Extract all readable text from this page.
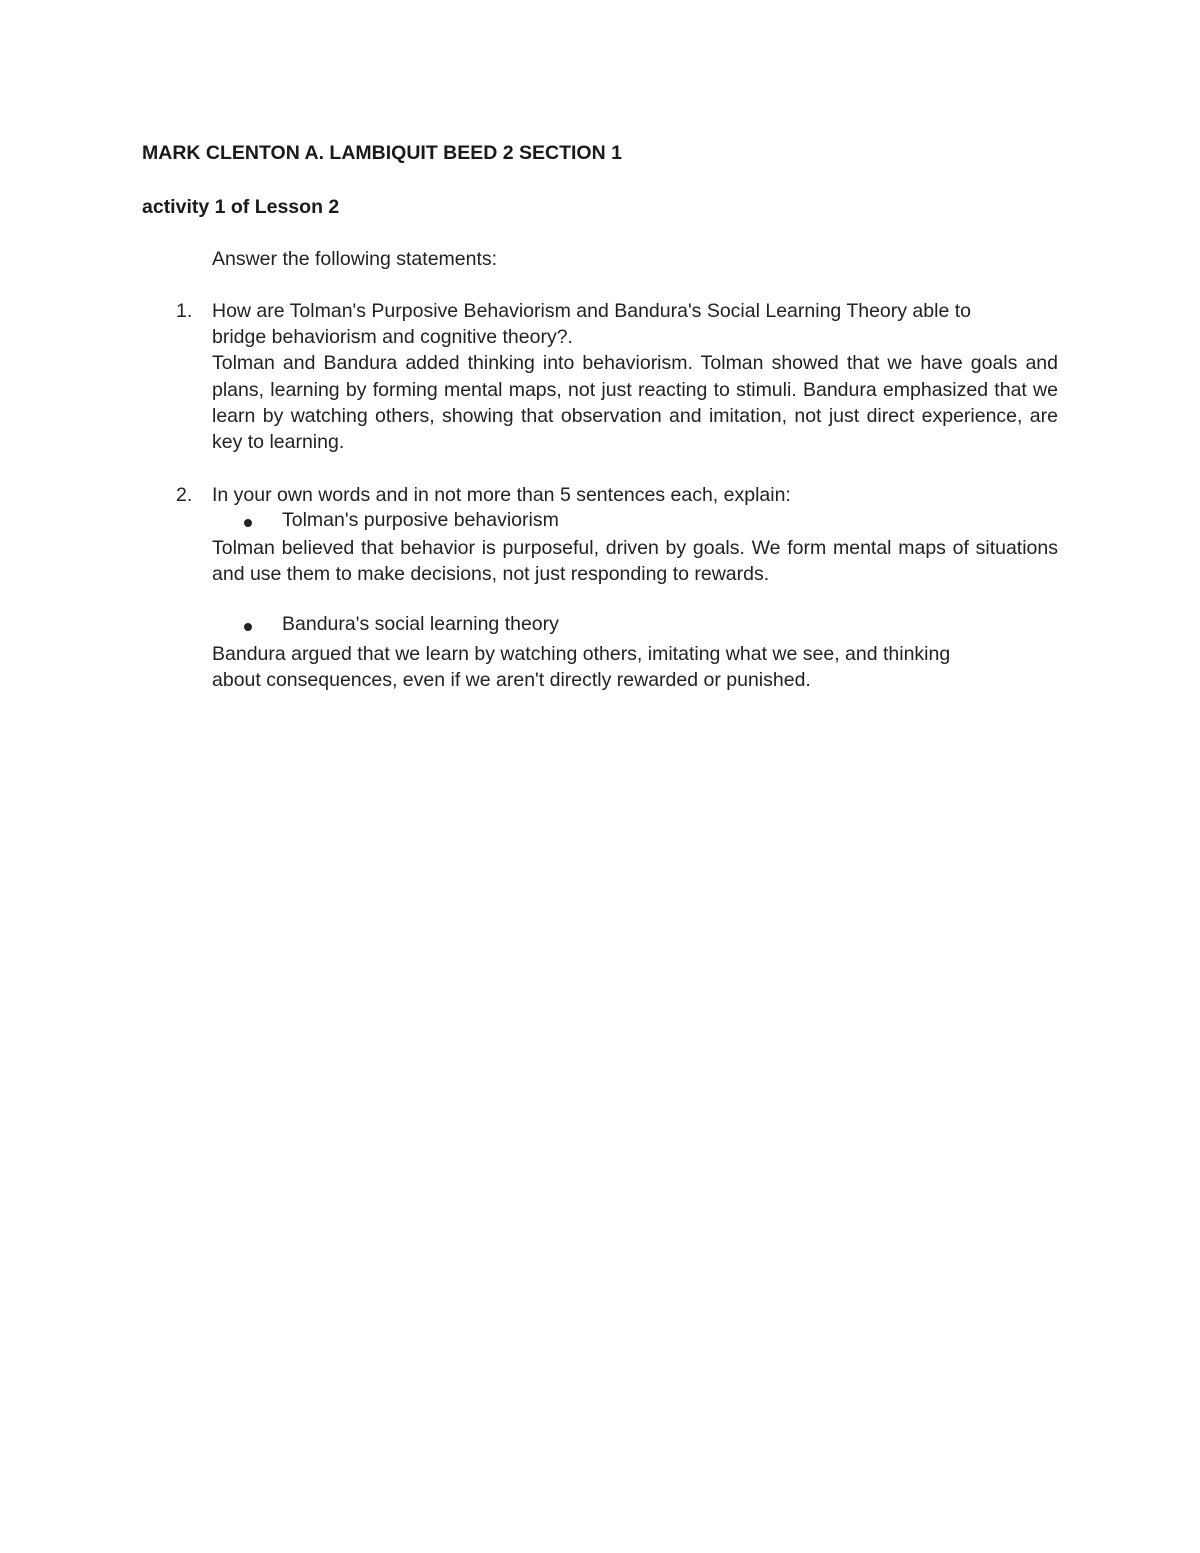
MARK CLENTON A. LAMBIQUIT BEED 2 SECTION 1
activity 1 of Lesson 2
Answer the following statements:
1. How are Tolman's Purposive Behaviorism and Bandura's Social Learning Theory able to
bridge behaviorism and cognitive theory?.
Tolman and Bandura added thinking into behaviorism. Tolman showed that we have goals and plans, learning by forming mental maps, not just reacting to stimuli. Bandura emphasized that we learn by watching others, showing that observation and imitation, not just direct experience, are key to learning.
2. In your own words and in not more than 5 sentences each, explain:
Tolman's purposive behaviorism
Tolman believed that behavior is purposeful, driven by goals. We form mental maps of situations and use them to make decisions, not just responding to rewards.
Bandura's social learning theory
Bandura argued that we learn by watching others, imitating what we see, and thinking
about consequences, even if we aren't directly rewarded or punished.
